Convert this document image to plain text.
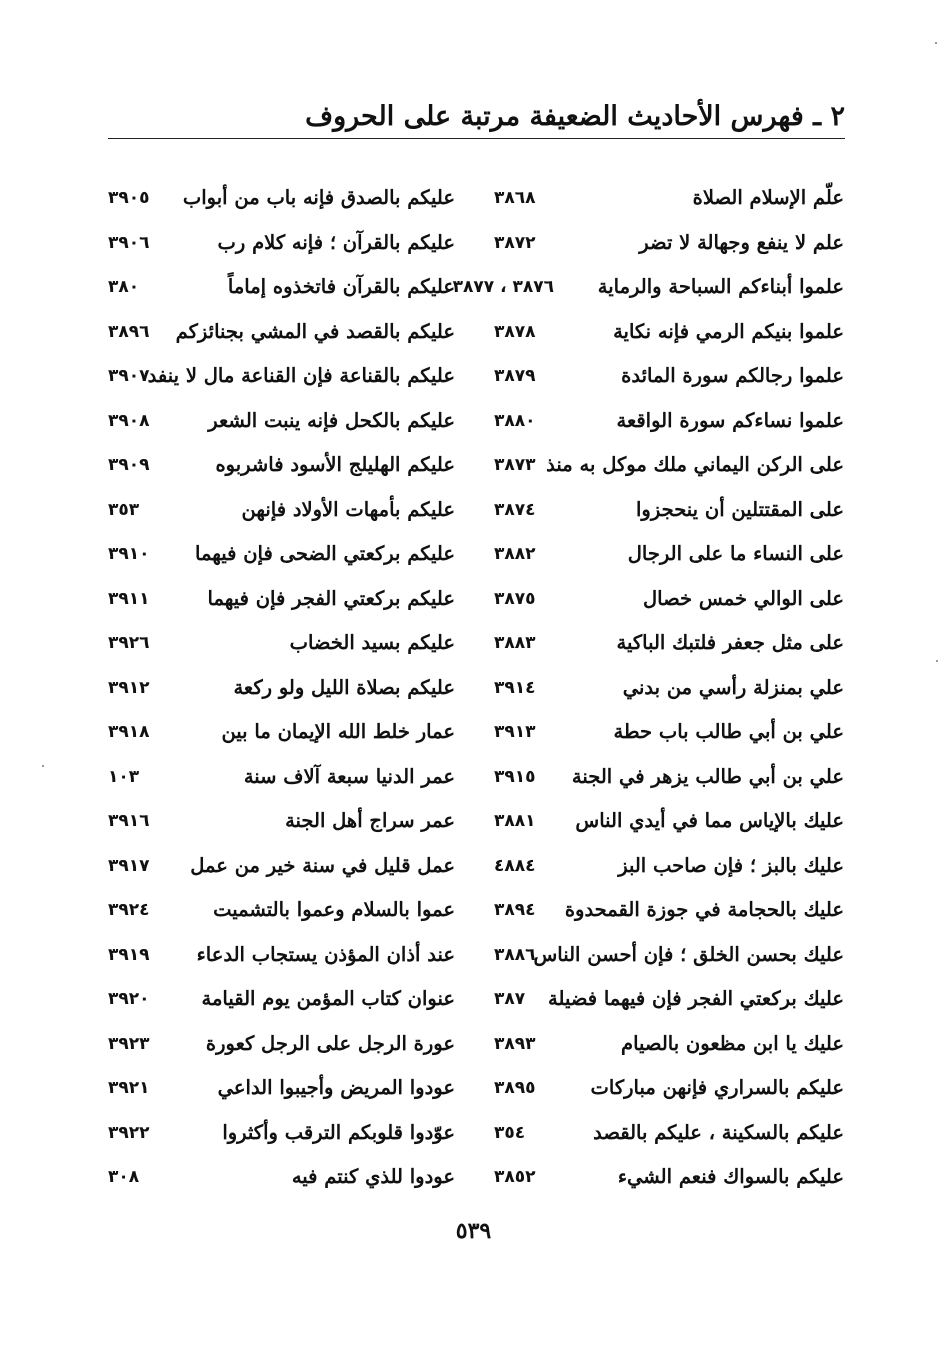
٢ ـ فهرس الأحاديث الضعيفة مرتبة على الحروف
علّم الإسلام الصلاة
٣٨٦٨
عليكم بالصدق فإنه باب من أبواب
٣٩٠٥
علم لا ينفع وجهالة لا تضر
٣٨٧٢
عليكم بالقرآن ؛ فإنه كلام رب
٣٩٠٦
علموا أبناءكم السباحة والرماية
٣٨٧٦ ، ٣٨٧٧
عليكم بالقرآن فاتخذوه إماماً
٣٨٠
علموا بنيكم الرمي فإنه نكاية
٣٨٧٨
عليكم بالقصد في المشي بجنائزكم
٣٨٩٦
علموا رجالكم سورة المائدة
٣٨٧٩
عليكم بالقناعة فإن القناعة مال لا ينفد
٣٩٠٧
علموا نساءكم سورة الواقعة
٣٨٨٠
عليكم بالكحل فإنه ينبت الشعر
٣٩٠٨
على الركن اليماني ملك موكل به منذ
٣٨٧٣
عليكم الهليلج الأسود فاشربوه
٣٩٠٩
على المقتتلين أن ينحجزوا
٣٨٧٤
عليكم بأمهات الأولاد فإنهن
٣٥٣
على النساء ما على الرجال
٣٨٨٢
عليكم بركعتي الضحى فإن فيهما
٣٩١٠
على الوالي خمس خصال
٣٨٧٥
عليكم بركعتي الفجر فإن فيهما
٣٩١١
على مثل جعفر فلتبك الباكية
٣٨٨٣
عليكم بسيد الخضاب
٣٩٢٦
علي بمنزلة رأسي من بدني
٣٩١٤
عليكم بصلاة الليل ولو ركعة
٣٩١٢
علي بن أبي طالب باب حطة
٣٩١٣
عمار خلط الله الإيمان ما بين
٣٩١٨
علي بن أبي طالب يزهر في الجنة
٣٩١٥
عمر الدنيا سبعة آلاف سنة
١٠٣
عليك بالإياس مما في أيدي الناس
٣٨٨١
عمر سراج أهل الجنة
٣٩١٦
عليك بالبز ؛ فإن صاحب البز
٤٨٨٤
عمل قليل في سنة خير من عمل
٣٩١٧
عليك بالحجامة في جوزة القمحدوة
٣٨٩٤
عموا بالسلام وعموا بالتشميت
٣٩٢٤
عليك بحسن الخلق ؛ فإن أحسن الناس
٣٨٨٦
عند أذان المؤذن يستجاب الدعاء
٣٩١٩
عليك بركعتي الفجر فإن فيهما فضيلة
٣٨٧
عنوان كتاب المؤمن يوم القيامة
٣٩٢٠
عليك يا ابن مظعون بالصيام
٣٨٩٣
عورة الرجل على الرجل كعورة
٣٩٢٣
عليكم بالسراري فإنهن مباركات
٣٨٩٥
عودوا المريض وأجيبوا الداعي
٣٩٢١
عليكم بالسكينة ، عليكم بالقصد
٣٥٤
عوّدوا قلوبكم الترقب وأكثروا
٣٩٢٢
عليكم بالسواك فنعم الشيء
٣٨٥٢
عودوا للذي كنتم فيه
٣٠٨
٥٣٩
